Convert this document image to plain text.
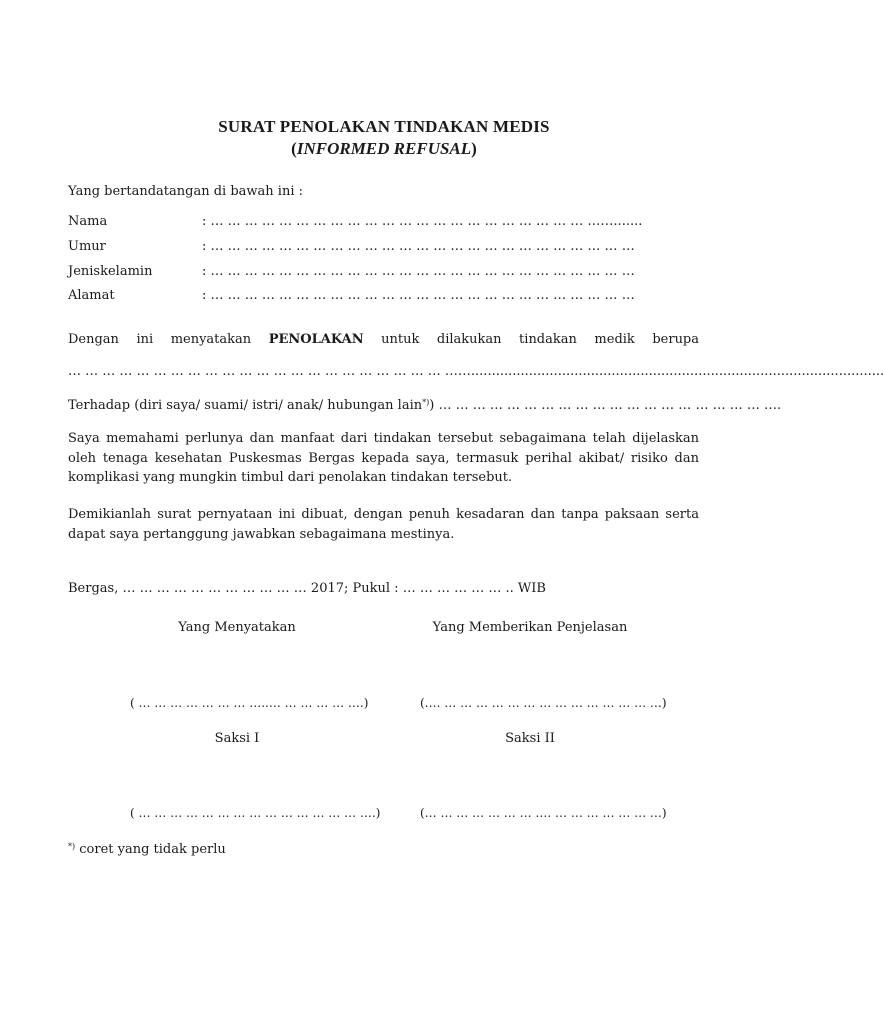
SURAT PENOLAKAN TINDAKAN MEDIS
(INFORMED REFUSAL)
Yang bertandatangan di bawah ini :
Nama	: … … … … … … … … … … … … … … … … … … … … … … …….......
Umur	: … … … … … … … … … … … … … … … … … … … … … … … … …
Jeniskelamin	: … … … … … … … … … … … … … … … … … … … … … … … … …
Alamat	: … … … … … … … … … … … … … … … … … … … … … … … … …
Dengan ini menyatakan PENOLAKAN untuk dilakukan tindakan medik berupa
… … … … … … … … … … … … … … … … … … … … … … ……....................................................................................................
Terhadap (diri saya/ suami/ istri/ anak/ hubungan lain*)) … … … … … … … … … … … … … … … … … … … ….
Saya memahami perlunya dan manfaat dari tindakan tersebut sebagaimana telah dijelaskan oleh tenaga kesehatan Puskesmas Bergas kepada saya, termasuk perihal akibat/ risiko dan komplikasi yang mungkin timbul dari penolakan tindakan tersebut.
Demikianlah surat pernyataan ini dibuat, dengan penuh kesadaran dan tanpa paksaan serta dapat saya pertanggung jawabkan sebagaimana mestinya.
Bergas, … … … … … … … … … … … 2017; Pukul : … … … … … … .. WIB
Yang Menyatakan	Yang Memberikan Penjelasan
( … … … … … … … …..… … … … … ….)	(…. … … … … … … … … … … … … … …)
Saksi I	Saksi II
( … … … … … … … … … … … … … … ….)	(… … … … … … … …. … … … … … … …)
*) coret yang tidak perlu
